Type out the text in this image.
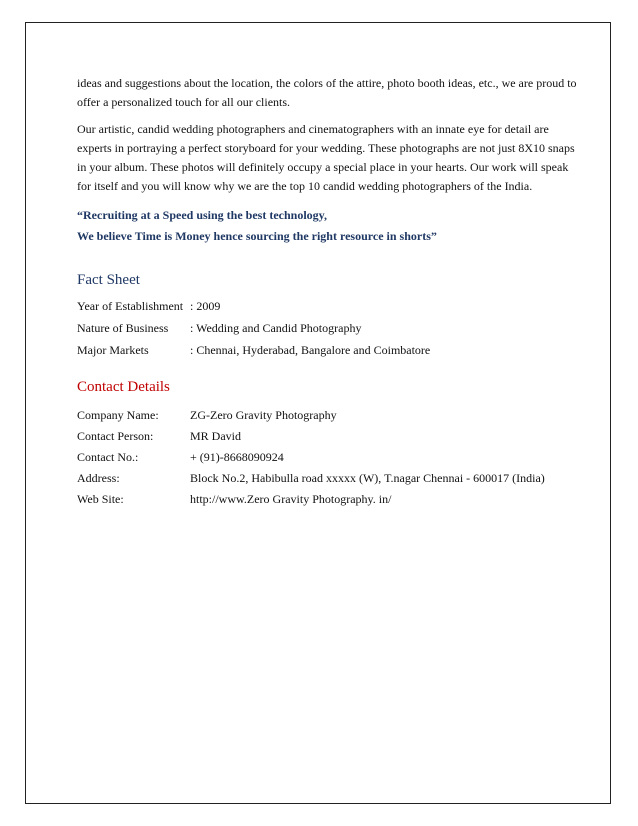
ideas and suggestions about the location, the colors of the attire, photo booth ideas, etc., we are proud to offer a personalized touch for all our clients.

Our artistic, candid wedding photographers and cinematographers with an innate eye for detail are experts in portraying a perfect storyboard for your wedding. These photographs are not just 8X10 snaps in your album. These photos will definitely occupy a special place in your hearts. Our work will speak for itself and you will know why we are the top 10 candid wedding photographers of the India.

“Recruiting at a Speed using the best technology,
We believe Time is Money hence sourcing the right resource in shorts”
Fact Sheet
Year of Establishment : 2009
Nature of Business	: Wedding and Candid Photography
Major Markets	: Chennai, Hyderabad, Bangalore and Coimbatore
Contact Details
Company Name:	ZG-Zero Gravity Photography
Contact Person:	MR David
Contact No.:	+ (91)-8668090924
Address:	Block No.2, Habibulla road xxxxx (W), T.nagar Chennai - 600017 (India)
Web Site:	http://www.Zero Gravity Photography. in/
